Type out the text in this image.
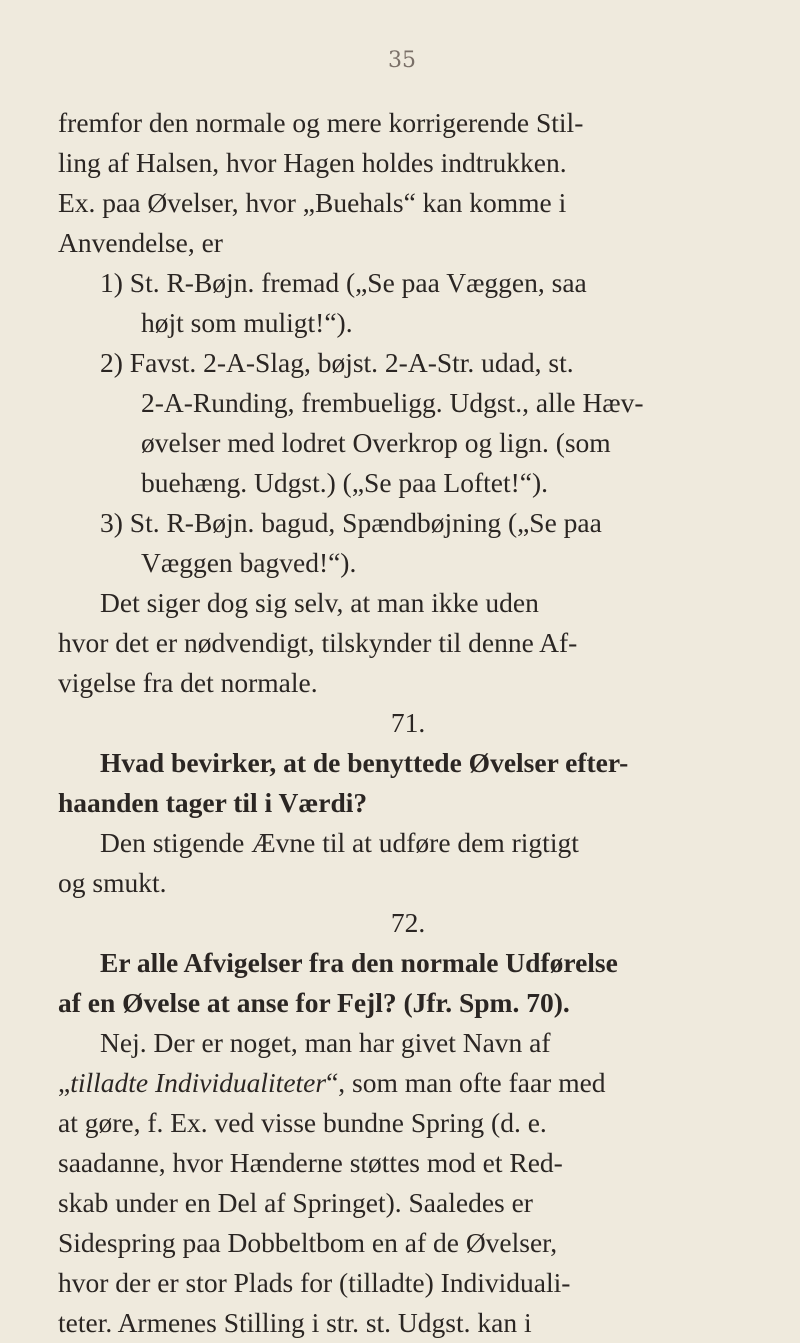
35
fremfor den normale og mere korrigerende Stil-
ling af Halsen, hvor Hagen holdes indtrukken.
Ex. paa Øvelser, hvor „Buehals“ kan komme i
Anvendelse, er
1) St. R-Bøjn. fremad („Se paa Væggen, saa
højt som muligt!“).
2) Favst. 2-A-Slag, bøjst. 2-A-Str. udad, st.
2-A-Runding, frembueligg. Udgst., alle Hæv-
øvelser med lodret Overkrop og lign. (som
buehæng. Udgst.) („Se paa Loftet!“).
3) St. R-Bøjn. bagud, Spændbøjning („Se paa
Væggen bagved!“).
Det siger dog sig selv, at man ikke uden
hvor det er nødvendigt, tilskynder til denne Af-
vigelse fra det normale.
71.
Hvad bevirker, at de benyttede Øvelser efter-
haanden tager til i Værdi?
Den stigende Ævne til at udføre dem rigtigt
og smukt.
72.
Er alle Afvigelser fra den normale Udførelse
af en Øvelse at anse for Fejl? (Jfr. Spm. 70).
Nej. Der er noget, man har givet Navn af
„tilladte Individualiteter“, som man ofte faar med
at gøre, f. Ex. ved visse bundne Spring (d. e.
saadanne, hvor Hænderne støttes mod et Red-
skab under en Del af Springet). Saaledes er
Sidespring paa Dobbeltbom en af de Øvelser,
hvor der er stor Plads for (tilladte) Individuali-
teter. Armenes Stilling i str. st. Udgst. kan i
